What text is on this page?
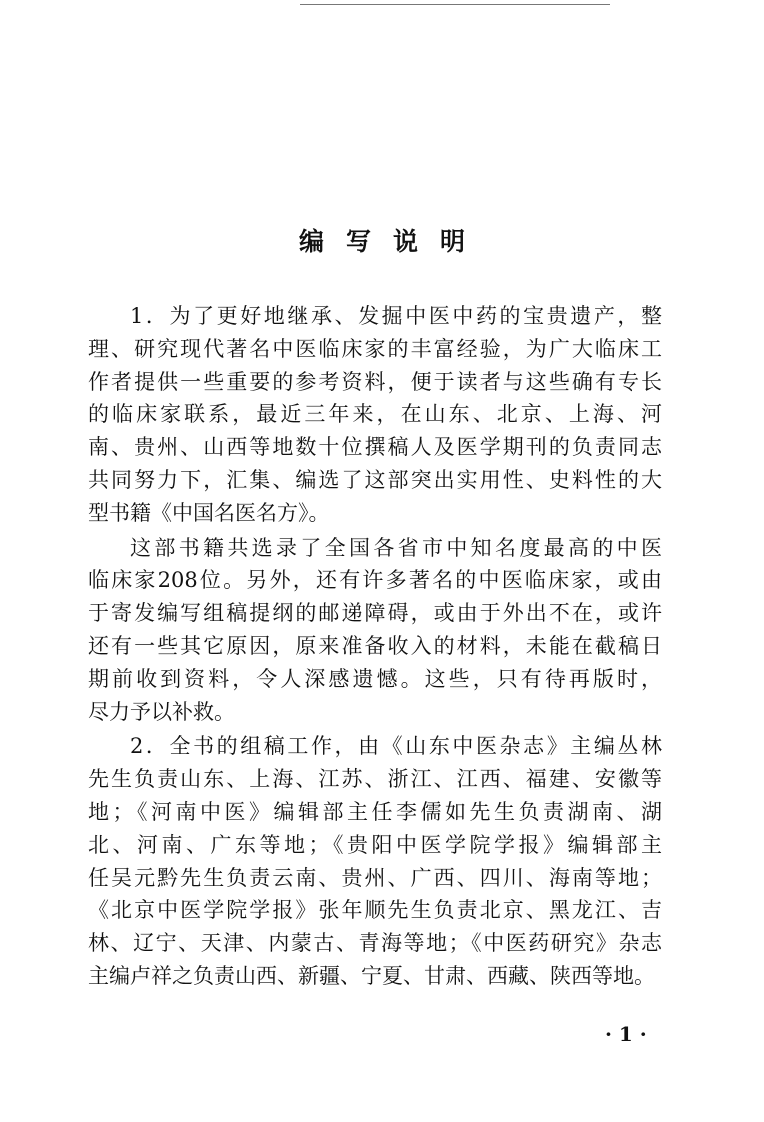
编写说明
1．为了更好地继承、发掘中医中药的宝贵遗产，整
理、研究现代著名中医临床家的丰富经验，为广大临床工
作者提供一些重要的参考资料，便于读者与这些确有专长
的临床家联系，最近三年来，在山东、北京、上海、河
南、贵州、山西等地数十位撰稿人及医学期刊的负责同志
共同努力下，汇集、编选了这部突出实用性、史料性的大
型书籍《中国名医名方》。
这部书籍共选录了全国各省市中知名度最高的中医
临床家208位。另外，还有许多著名的中医临床家，或由
于寄发编写组稿提纲的邮递障碍，或由于外出不在，或许
还有一些其它原因，原来准备收入的材料，未能在截稿日
期前收到资料，令人深感遗憾。这些，只有待再版时，
尽力予以补救。
2．全书的组稿工作，由《山东中医杂志》主编丛林
先生负责山东、上海、江苏、浙江、江西、福建、安徽等
地；《河南中医》编辑部主任李儒如先生负责湖南、湖
北、河南、广东等地；《贵阳中医学院学报》编辑部主
任吴元黔先生负责云南、贵州、广西、四川、海南等地；
《北京中医学院学报》张年顺先生负责北京、黑龙江、吉
林、辽宁、天津、内蒙古、青海等地；《中医药研究》杂志
主编卢祥之负责山西、新疆、宁夏、甘肃、西藏、陕西等地。
· 1 ·
